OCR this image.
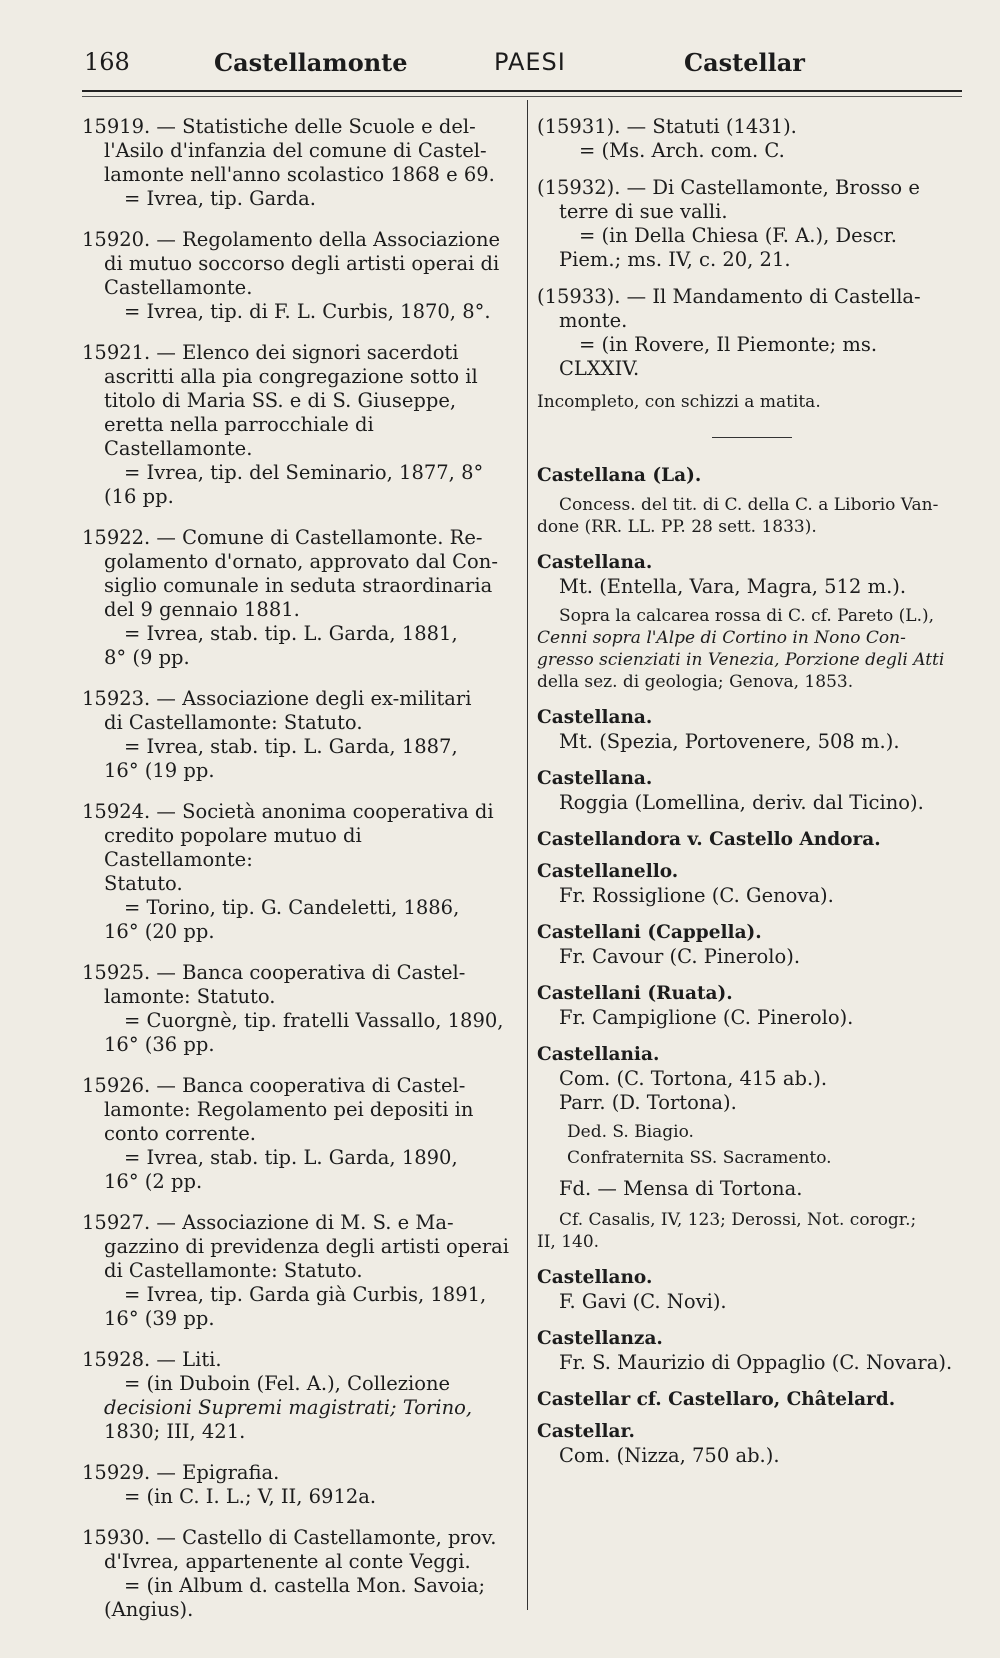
168	Castellamonte	PAESI	Castellar

15919. — Statistiche delle Scuole e del-

l'Asilo d'infanzia del comune di Castel-

lamonte nell'anno scolastico 1868 e 69.

= Ivrea, tip. Garda.

15920. — Regolamento della Associazione

di mutuo soccorso degli artisti operai di

Castellamonte.

= Ivrea, tip. di F. L. Curbis, 1870, 8°.

15921. — Elenco dei signori sacerdoti

ascritti alla pia congregazione sotto il

titolo di Maria SS. e di S. Giuseppe,

eretta nella parrocchiale di Castellamonte.

= Ivrea, tip. del Seminario, 1877, 8°

(16 pp.

15922. — Comune di Castellamonte. Re-

golamento d'ornato, approvato dal Con-

siglio comunale in seduta straordinaria

del 9 gennaio 1881.

= Ivrea, stab. tip. L. Garda, 1881,

8° (9 pp.

15923. — Associazione degli ex-militari

di Castellamonte: Statuto.

= Ivrea, stab. tip. L. Garda, 1887,

16° (19 pp.

15924. — Società anonima cooperativa di

credito popolare mutuo di Castellamonte:

Statuto.

= Torino, tip. G. Candeletti, 1886,

16° (20 pp.

15925. — Banca cooperativa di Castel-

lamonte: Statuto.

= Cuorgnè, tip. fratelli Vassallo, 1890,

16° (36 pp.

15926. — Banca cooperativa di Castel-

lamonte: Regolamento pei depositi in

conto corrente.

= Ivrea, stab. tip. L. Garda, 1890,

16° (2 pp.

15927. — Associazione di M. S. e Ma-

gazzino di previdenza degli artisti operai

di Castellamonte: Statuto.

= Ivrea, tip. Garda già Curbis, 1891,

16° (39 pp.

15928. — Liti.

= (in Duboin (Fel. A.), Collezione

decisioni Supremi magistrati; Torino,

1830; III, 421.

15929. — Epigrafia.

= (in C. I. L.; V, II, 6912a.

15930. — Castello di Castellamonte, prov.

d'Ivrea, appartenente al conte Veggi.

= (in Album d. castella Mon. Savoia;

(Angius).

(15931). — Statuti (1431).

= (Ms. Arch. com. C.

(15932). — Di Castellamonte, Brosso e

terre di sue valli.

= (in Della Chiesa (F. A.), Descr.

Piem.; ms. IV, c. 20, 21.

(15933). — Il Mandamento di Castella-

monte.

= (in Rovere, Il Piemonte; ms.

CLXXIV.

Incompleto, con schizzi a matita.

Castellana (La).

Concess. del tit. di C. della C. a Liborio Van-

done (RR. LL. PP. 28 sett. 1833).

Castellana.

Mt. (Entella, Vara, Magra, 512 m.).

Sopra la calcarea rossa di C. cf. Pareto (L.),

Cenni sopra l'Alpe di Cortino in Nono Con-

gresso scienziati in Venezia, Porzione degli Atti

della sez. di geologia; Genova, 1853.

Castellana.

Mt. (Spezia, Portovenere, 508 m.).

Castellana.

Roggia (Lomellina, deriv. dal Ticino).

Castellandora v. Castello Andora.

Castellanello.

Fr. Rossiglione (C. Genova).

Castellani (Cappella).

Fr. Cavour (C. Pinerolo).

Castellani (Ruata).

Fr. Campiglione (C. Pinerolo).

Castellania.

Com. (C. Tortona, 415 ab.).

Parr. (D. Tortona).

Ded. S. Biagio.

Confraternita SS. Sacramento.

Fd. — Mensa di Tortona.

Cf. Casalis, IV, 123; Derossi, Not. corogr.;

II, 140.

Castellano.

F. Gavi (C. Novi).

Castellanza.

Fr. S. Maurizio di Oppaglio (C. Novara).

Castellar cf. Castellaro, Châtelard.

Castellar.

Com. (Nizza, 750 ab.).
